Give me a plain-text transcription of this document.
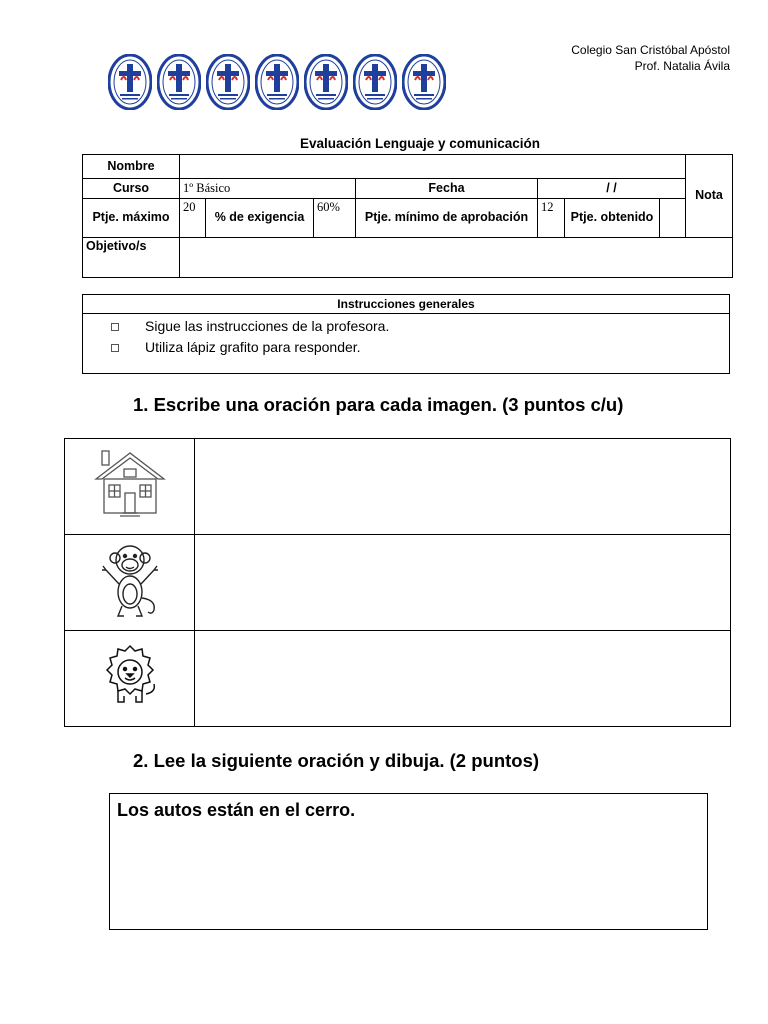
Colegio San Cristóbal Apóstol
Prof. Natalia Ávila
Evaluación Lenguaje y comunicación
Nombre								Nota
Curso	1º Básico			Fecha	/ /			
Ptje. máximo	20	% de exigencia	60%	Ptje. mínimo de aprobación	12	Ptje. obtenido		
Objetivo/s								
Instrucciones generales
Sigue las instrucciones de la profesora.
Utiliza lápiz grafito para responder.
1. Escribe una oración para cada imagen. (3 puntos c/u)

2. Lee la siguiente oración y dibuja. (2 puntos)
Los autos están en el cerro.
